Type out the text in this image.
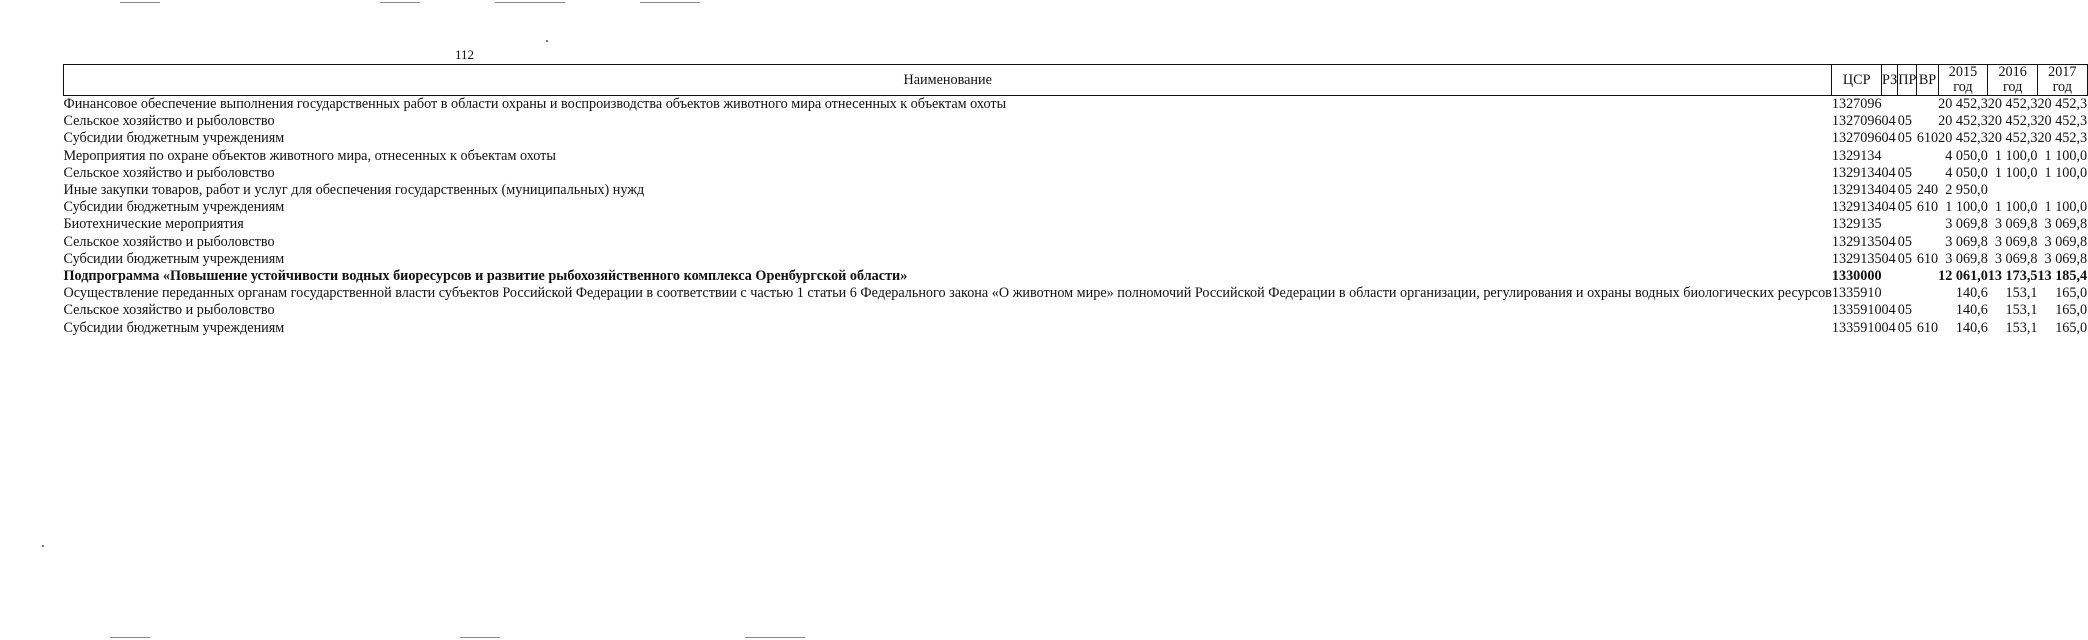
112
Наименование	ЦСР	РЗ	ПР	ВР	2015 год	2016 год	2017 год
Финансовое обеспечение выполнения государственных работ в области охраны и воспроизводства объектов животного мира отнесенных к объектам охоты	1327096				20 452,3	20 452,3	20 452,3
Сельское хозяйство и рыболовство	1327096	04	05		20 452,3	20 452,3	20 452,3
Субсидии бюджетным учреждениям	1327096	04	05	610	20 452,3	20 452,3	20 452,3
Мероприятия по охране объектов животного мира, отнесенных к объектам охоты	1329134				4 050,0	1 100,0	1 100,0
Сельское хозяйство и рыболовство	1329134	04	05		4 050,0	1 100,0	1 100,0
Иные закупки товаров, работ и услуг для обеспечения государственных (муниципальных) нужд	1329134	04	05	240	2 950,0		
Субсидии бюджетным учреждениям	1329134	04	05	610	1 100,0	1 100,0	1 100,0
Биотехнические мероприятия	1329135				3 069,8	3 069,8	3 069,8
Сельское хозяйство и рыболовство	1329135	04	05		3 069,8	3 069,8	3 069,8
Субсидии бюджетным учреждениям	1329135	04	05	610	3 069,8	3 069,8	3 069,8
Подпрограмма «Повышение устойчивости водных биоресурсов и развитие рыбохозяйственного комплекса Оренбургской области»	1330000				12 061,0	13 173,5	13 185,4
Осуществление переданных органам государственной власти субъектов Российской Федерации в соответствии с частью 1 статьи 6 Федерального закона «О животном мире» полномочий Российской Федерации в области организации, регулирования и охраны водных биологических ресурсов	1335910				140,6	153,1	165,0
Сельское хозяйство и рыболовство	1335910	04	05		140,6	153,1	165,0
Субсидии бюджетным учреждениям	1335910	04	05	610	140,6	153,1	165,0
